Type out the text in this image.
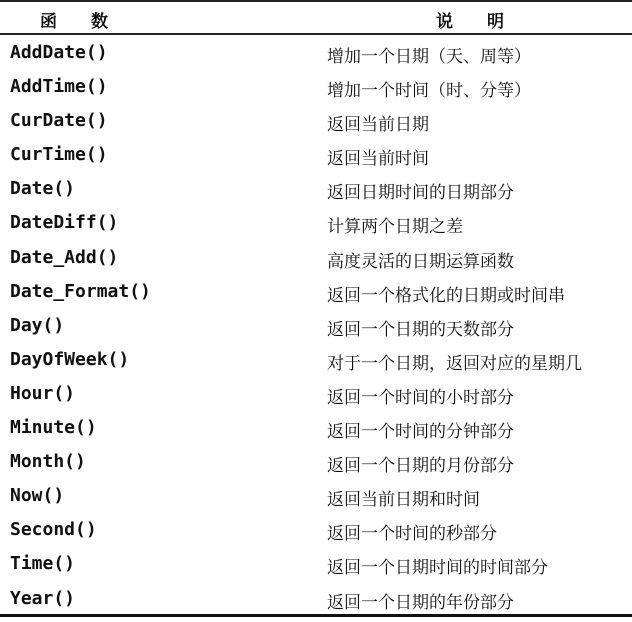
函　　数	说　　明
AddDate()	增加一个日期（天、周等）
AddTime()	增加一个时间（时、分等）
CurDate()	返回当前日期
CurTime()	返回当前时间
Date()	返回日期时间的日期部分
DateDiff()	计算两个日期之差
Date_Add()	高度灵活的日期运算函数
Date_Format()	返回一个格式化的日期或时间串
Day()	返回一个日期的天数部分
DayOfWeek()	对于一个日期，返回对应的星期几
Hour()	返回一个时间的小时部分
Minute()	返回一个时间的分钟部分
Month()	返回一个日期的月份部分
Now()	返回当前日期和时间
Second()	返回一个时间的秒部分
Time()	返回一个日期时间的时间部分
Year()	返回一个日期的年份部分
